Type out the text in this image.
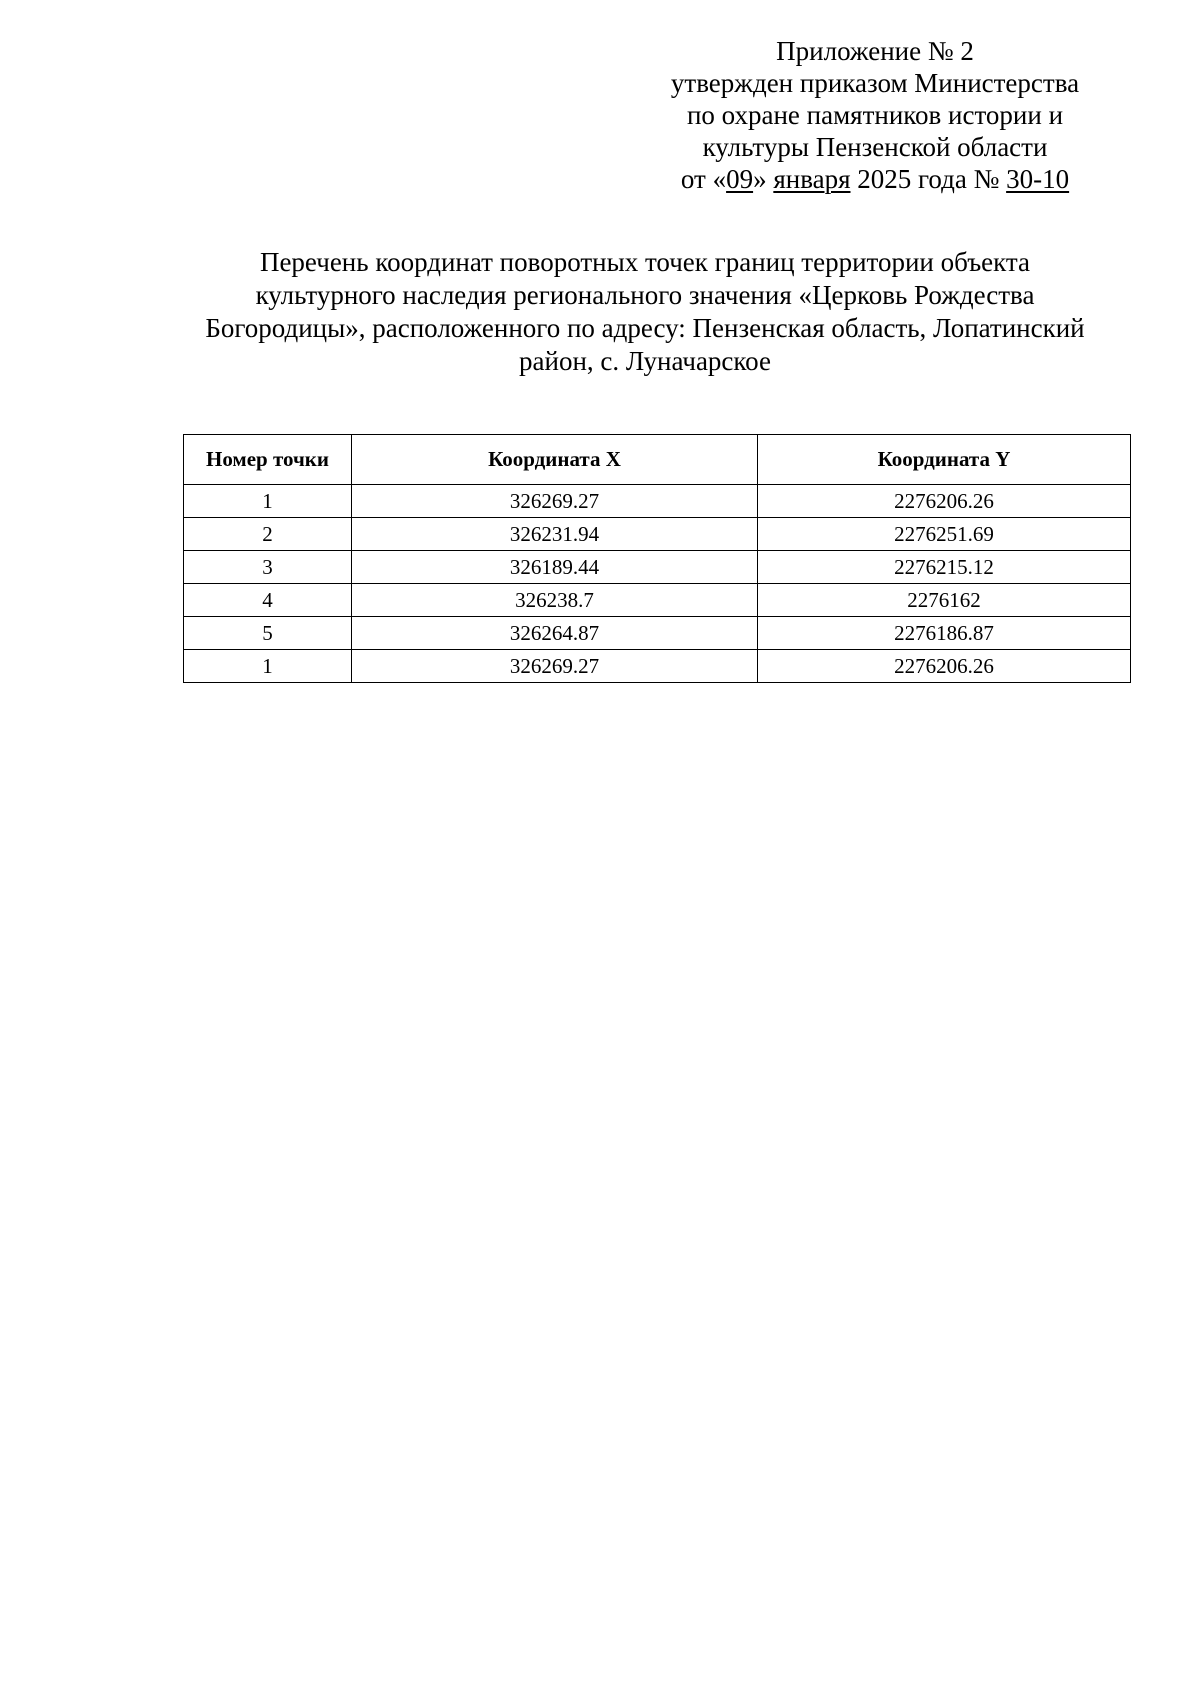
Приложение № 2
утвержден приказом Министерства
по охране памятников истории и
культуры Пензенской области
от «09» января 2025 года № 30-10
Перечень координат поворотных точек границ территории объекта
культурного наследия регионального значения «Церковь Рождества
Богородицы», расположенного по адресу: Пензенская область, Лопатинский
район, с. Луначарское
Номер точки	Координата X	Координата Y
1	326269.27	2276206.26
2	326231.94	2276251.69
3	326189.44	2276215.12
4	326238.7	2276162
5	326264.87	2276186.87
1	326269.27	2276206.26
